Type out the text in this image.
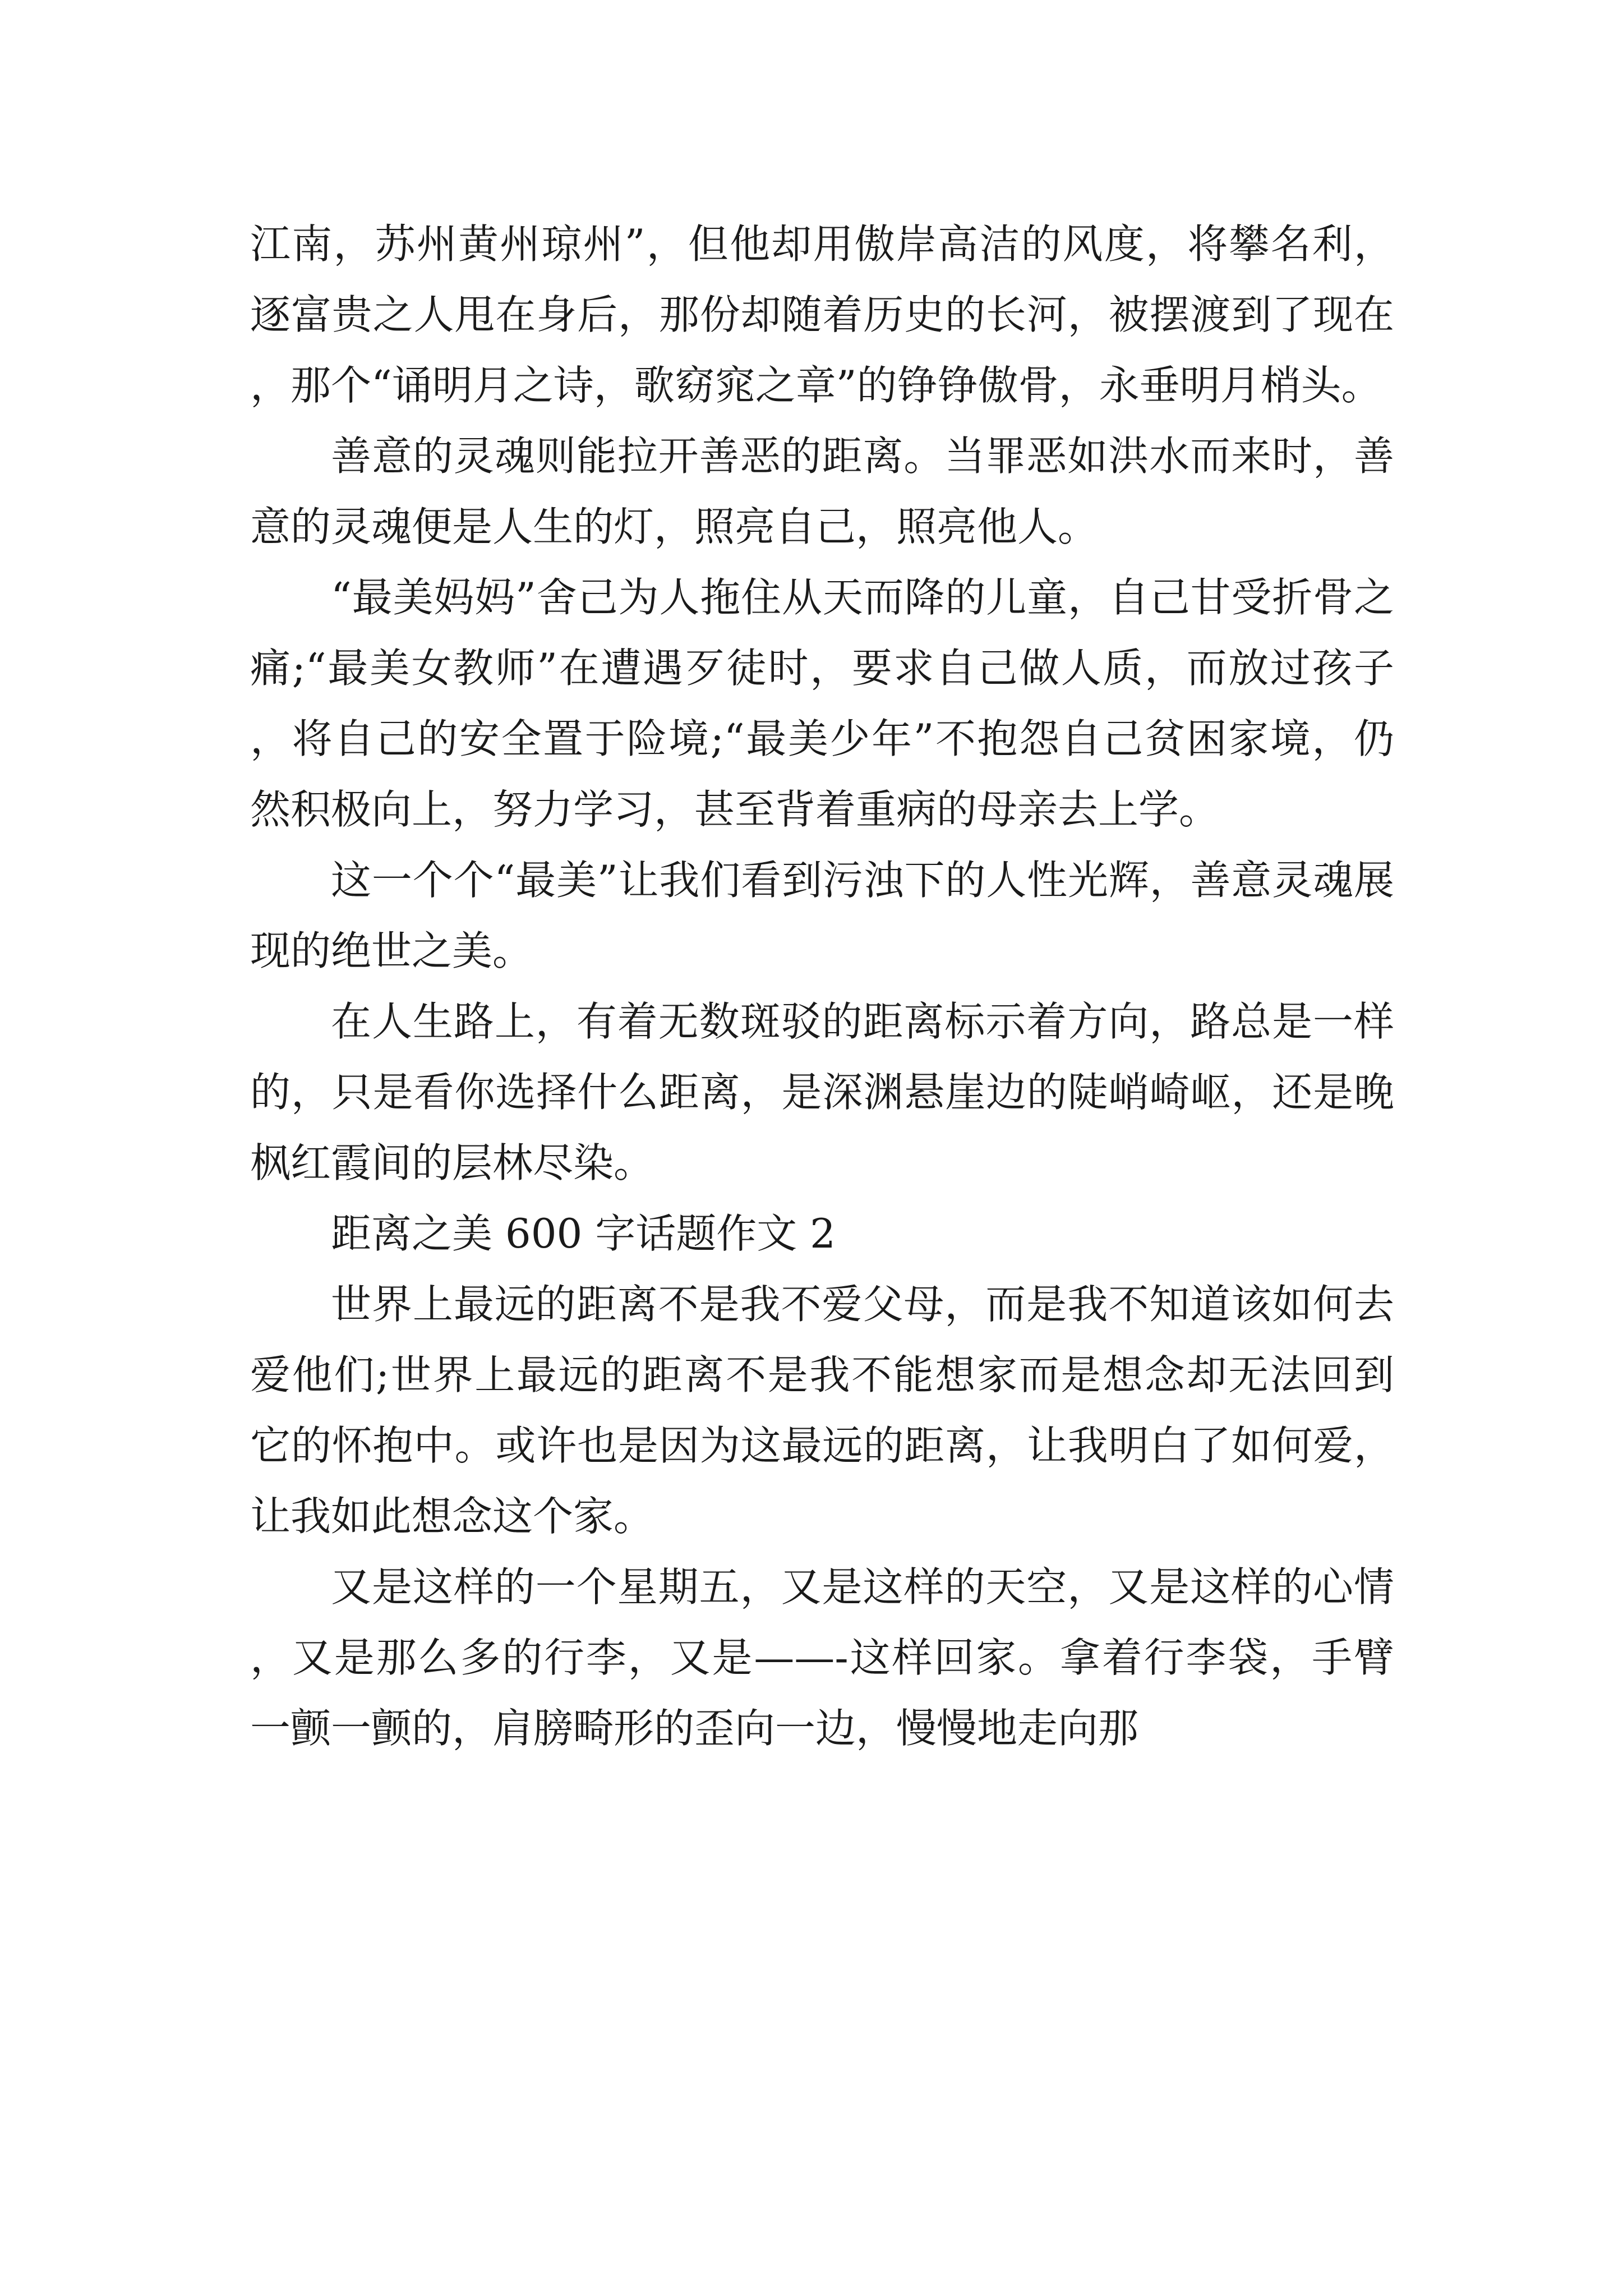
江南，苏州黄州琼州”，但他却用傲岸高洁的风度，将攀名利，逐富贵之人甩在身后，那份却随着历史的长河，被摆渡到了现在，那个“诵明月之诗，歌窈窕之章”的铮铮傲骨，永垂明月梢头。

善意的灵魂则能拉开善恶的距离。当罪恶如洪水而来时，善意的灵魂便是人生的灯，照亮自己，照亮他人。

“最美妈妈”舍己为人拖住从天而降的儿童，自己甘受折骨之痛;“最美女教师”在遭遇歹徒时，要求自己做人质，而放过孩子，将自己的安全置于险境;“最美少年”不抱怨自己贫困家境，仍然积极向上，努力学习，甚至背着重病的母亲去上学。

这一个个“最美”让我们看到污浊下的人性光辉，善意灵魂展现的绝世之美。

在人生路上，有着无数斑驳的距离标示着方向，路总是一样的，只是看你选择什么距离，是深渊悬崖边的陡峭崎岖，还是晚枫红霞间的层林尽染。

距离之美 600 字话题作文 2

世界上最远的距离不是我不爱父母，而是我不知道该如何去爱他们;世界上最远的距离不是我不能想家而是想念却无法回到它的怀抱中。或许也是因为这最远的距离，让我明白了如何爱，让我如此想念这个家。

又是这样的一个星期五，又是这样的天空，又是这样的心情，又是那么多的行李，又是——-这样回家。拿着行李袋，手臂一颤一颤的，肩膀畸形的歪向一边，慢慢地走向那
